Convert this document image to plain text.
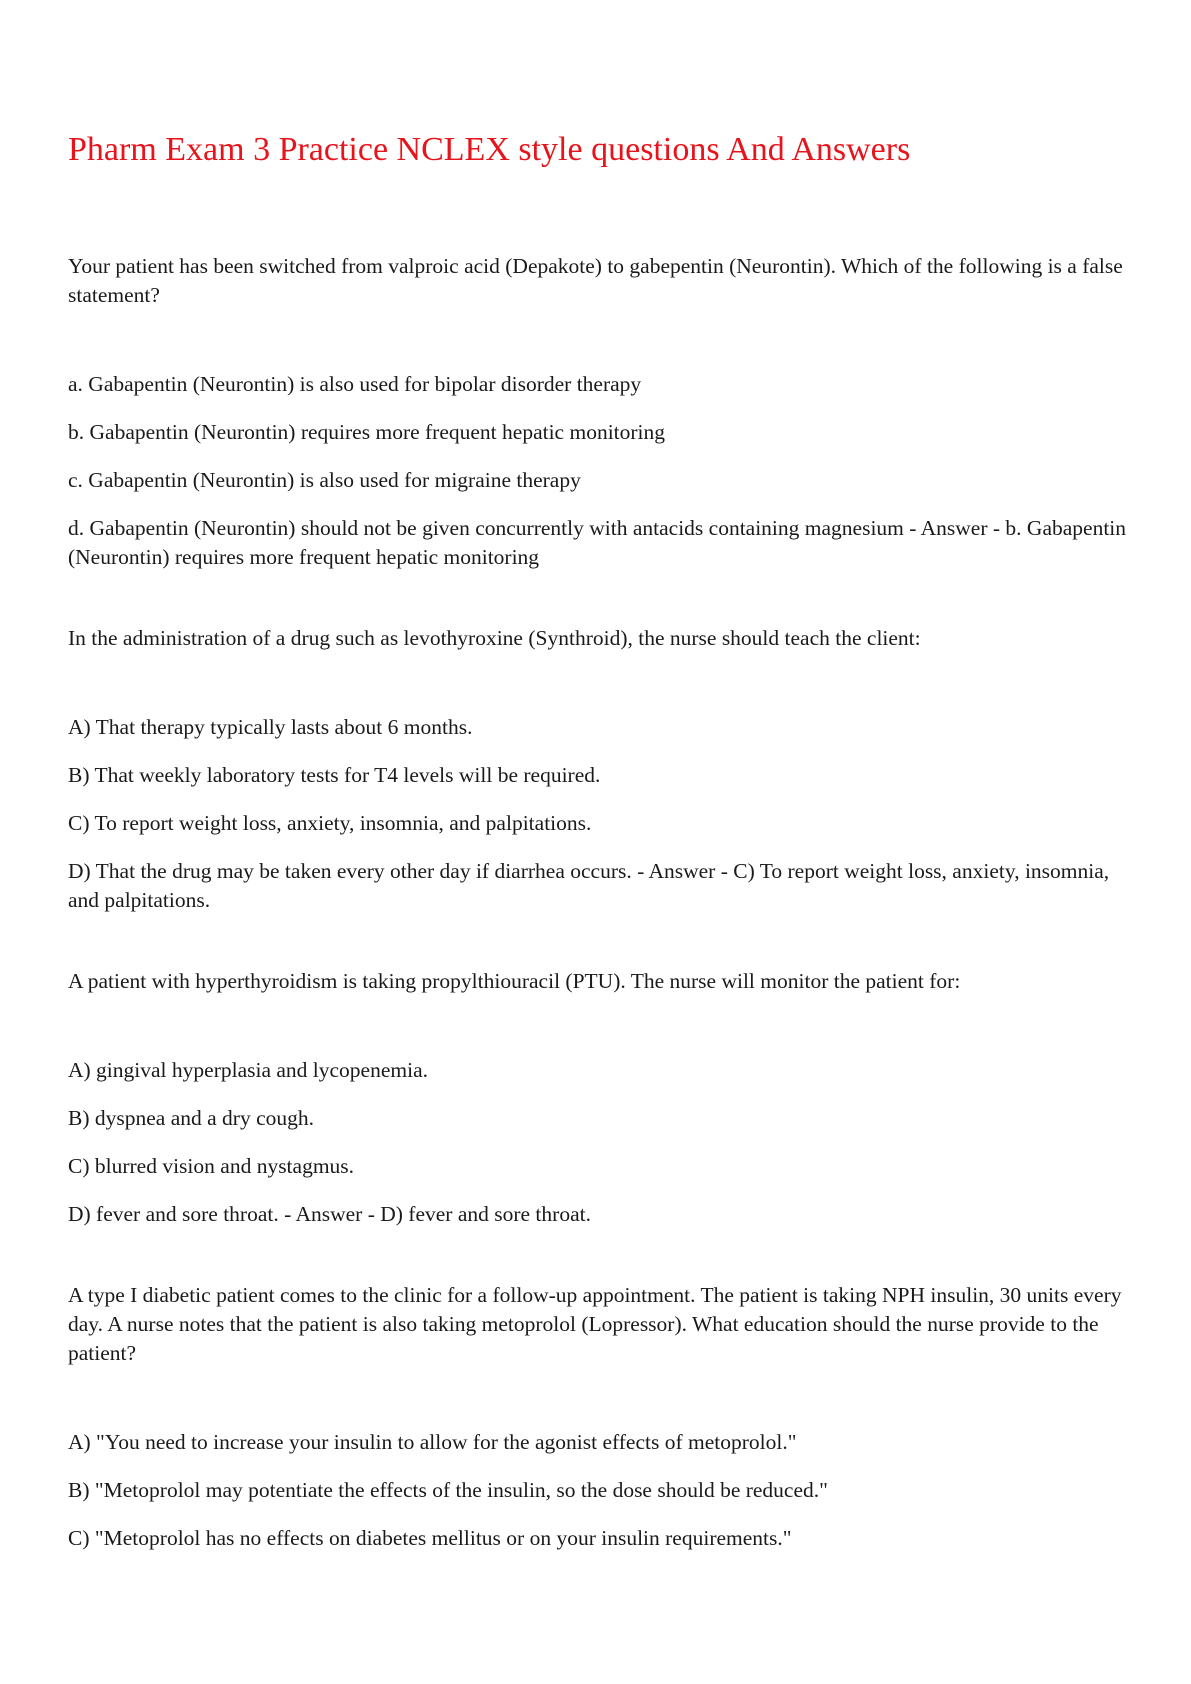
Pharm Exam 3 Practice NCLEX style questions And Answers

Your patient has been switched from valproic acid (Depakote) to gabepentin (Neurontin). Which of the following is a false statement?

a. Gabapentin (Neurontin) is also used for bipolar disorder therapy

b. Gabapentin (Neurontin) requires more frequent hepatic monitoring

c. Gabapentin (Neurontin) is also used for migraine therapy

d. Gabapentin (Neurontin) should not be given concurrently with antacids containing magnesium - Answer - b. Gabapentin (Neurontin) requires more frequent hepatic monitoring

In the administration of a drug such as levothyroxine (Synthroid), the nurse should teach the client:

A) That therapy typically lasts about 6 months.

B) That weekly laboratory tests for T4 levels will be required.

C) To report weight loss, anxiety, insomnia, and palpitations.

D) That the drug may be taken every other day if diarrhea occurs. - Answer - C) To report weight loss, anxiety, insomnia, and palpitations.

A patient with hyperthyroidism is taking propylthiouracil (PTU). The nurse will monitor the patient for:

A) gingival hyperplasia and lycopenemia.

B) dyspnea and a dry cough.

C) blurred vision and nystagmus.

D) fever and sore throat. - Answer - D) fever and sore throat.

A type I diabetic patient comes to the clinic for a follow-up appointment. The patient is taking NPH insulin, 30 units every day. A nurse notes that the patient is also taking metoprolol (Lopressor). What education should the nurse provide to the patient?

A) "You need to increase your insulin to allow for the agonist effects of metoprolol."

B) "Metoprolol may potentiate the effects of the insulin, so the dose should be reduced."

C) "Metoprolol has no effects on diabetes mellitus or on your insulin requirements."
